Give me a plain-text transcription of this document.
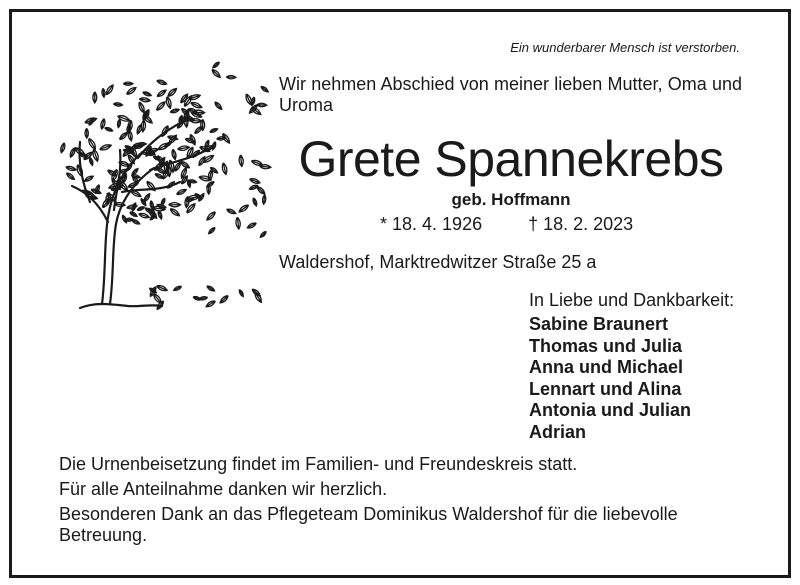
Ein wunderbarer Mensch ist verstorben.
Wir nehmen Abschied von meiner lieben Mutter, Oma und Uroma
Grete Spannekrebs
geb. Hoffmann
* 18. 4. 1926	† 18. 2. 2023
Waldershof, Marktredwitzer Straße 25 a
In Liebe und Dankbarkeit:
Sabine Braunert
Thomas und Julia
Anna und Michael
Lennart und Alina
Antonia und Julian
Adrian

Die Urnenbeisetzung findet im Familien- und Freundeskreis statt.

Für alle Anteilnahme danken wir herzlich.

Besonderen Dank an das Pflegeteam Dominikus Waldershof für die liebevolle Betreuung.
